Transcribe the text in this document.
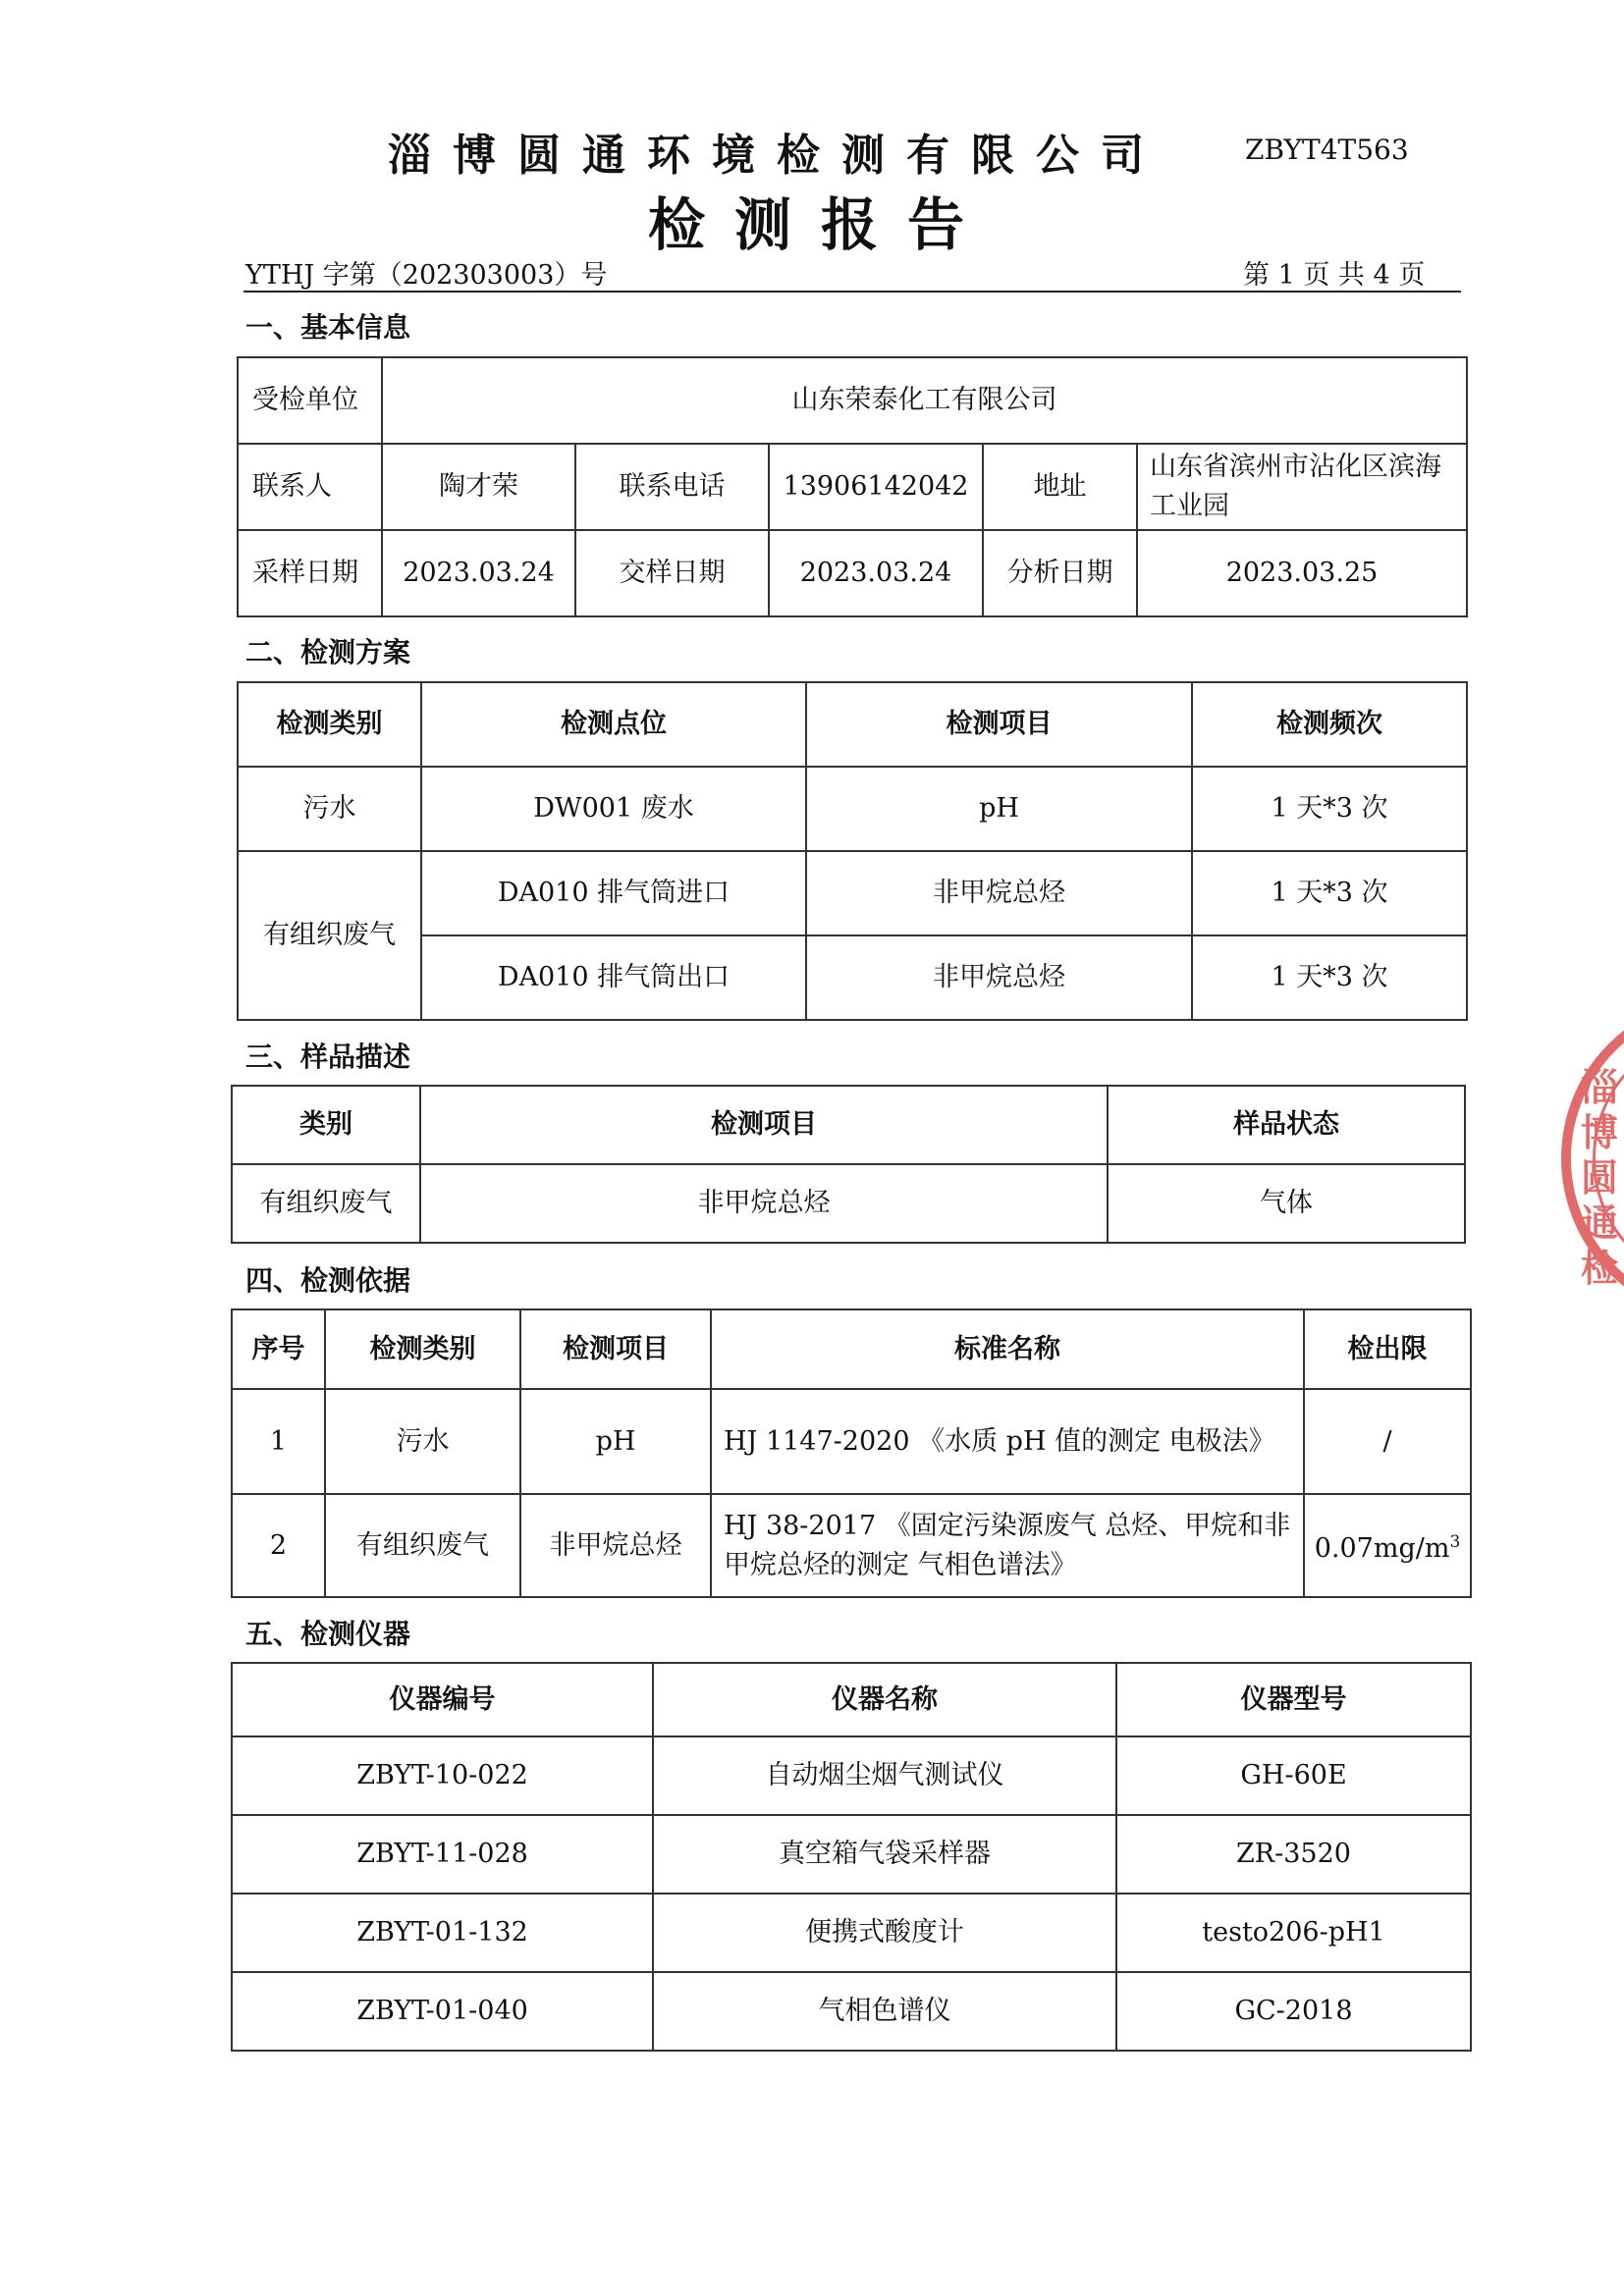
淄博圆通环境检测有限公司	ZBYT4T563
检测报告
YTHJ 字第（202303003）号	第 1 页 共 4 页
一、基本信息
受检单位	山东荣泰化工有限公司				
联系人	陶才荣	联系电话	13906142042	地址	山东省滨州市沾化区滨海工业园
采样日期	2023.03.24	交样日期	2023.03.24	分析日期	2023.03.25
二、检测方案
检测类别	检测点位	检测项目	检测频次
污水	DW001 废水	pH	1 天*3 次
有组织废气	DA010 排气筒进口	非甲烷总烃	1 天*3 次
	DA010 排气筒出口	非甲烷总烃	1 天*3 次
三、样品描述
类别	检测项目	样品状态
有组织废气	非甲烷总烃	气体
四、检测依据
序号	检测类别	检测项目	标准名称	检出限
1	污水	pH	HJ 1147-2020 《水质 pH 值的测定 电极法》	/
2	有组织废气	非甲烷总烃	HJ 38-2017 《固定污染源废气 总烃、甲烷和非甲烷总烃的测定 气相色谱法》	$0.07mg/m^3$
五、检测仪器
仪器编号	仪器名称	仪器型号
ZBYT-10-022	自动烟尘烟气测试仪	GH-60E
ZBYT-11-028	真空箱气袋采样器	ZR-3520
ZBYT-01-132	便携式酸度计	testo206-pH1
ZBYT-01-040	气相色谱仪	GC-2018
淄博圆通检
